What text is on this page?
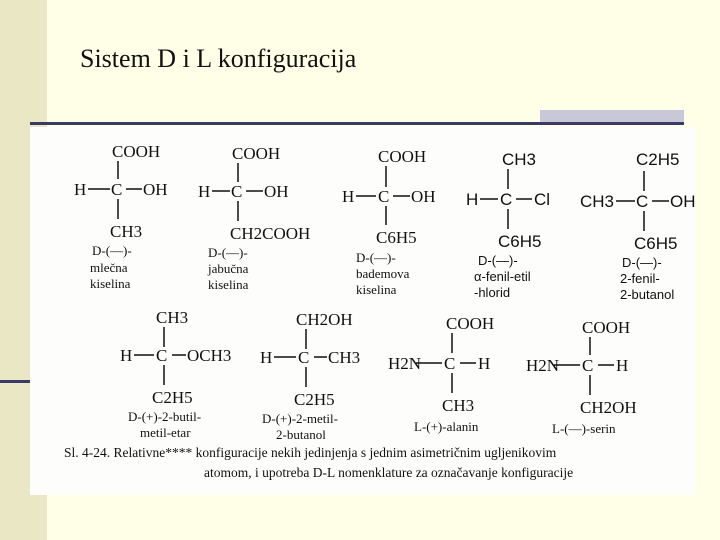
Sistem D i L konfiguracija
COOH
H C OH
CH3
D-(—)-
mlečna
kiselina
COOH
H C OH
CH2COOH
D-(—)-
jabučna
kiselina
COOH
H C OH
C6H5
D-(—)-
bademova
kiselina
CH3
H C Cl
C6H5
D-(—)-
α-fenil-etil
-hlorid
C2H5
CH3 C OH
C6H5
D-(—)-
2-fenil-
2-butanol
CH3
H C OCH3
C2H5
D-(+)-2-butil-
metil-etar
CH2OH
H C CH3
C2H5
D-(+)-2-metil-
2-butanol
COOH
H2N C H
CH3
L-(+)-alanin
COOH
H2N C H
CH2OH
L-(—)-serin
Sl. 4-24. Relativne**** konfiguracije nekih jedinjenja s jednim asimetričnim ugljenikovim
atomom, i upotreba D-L nomenklature za označavanje konfiguracije
